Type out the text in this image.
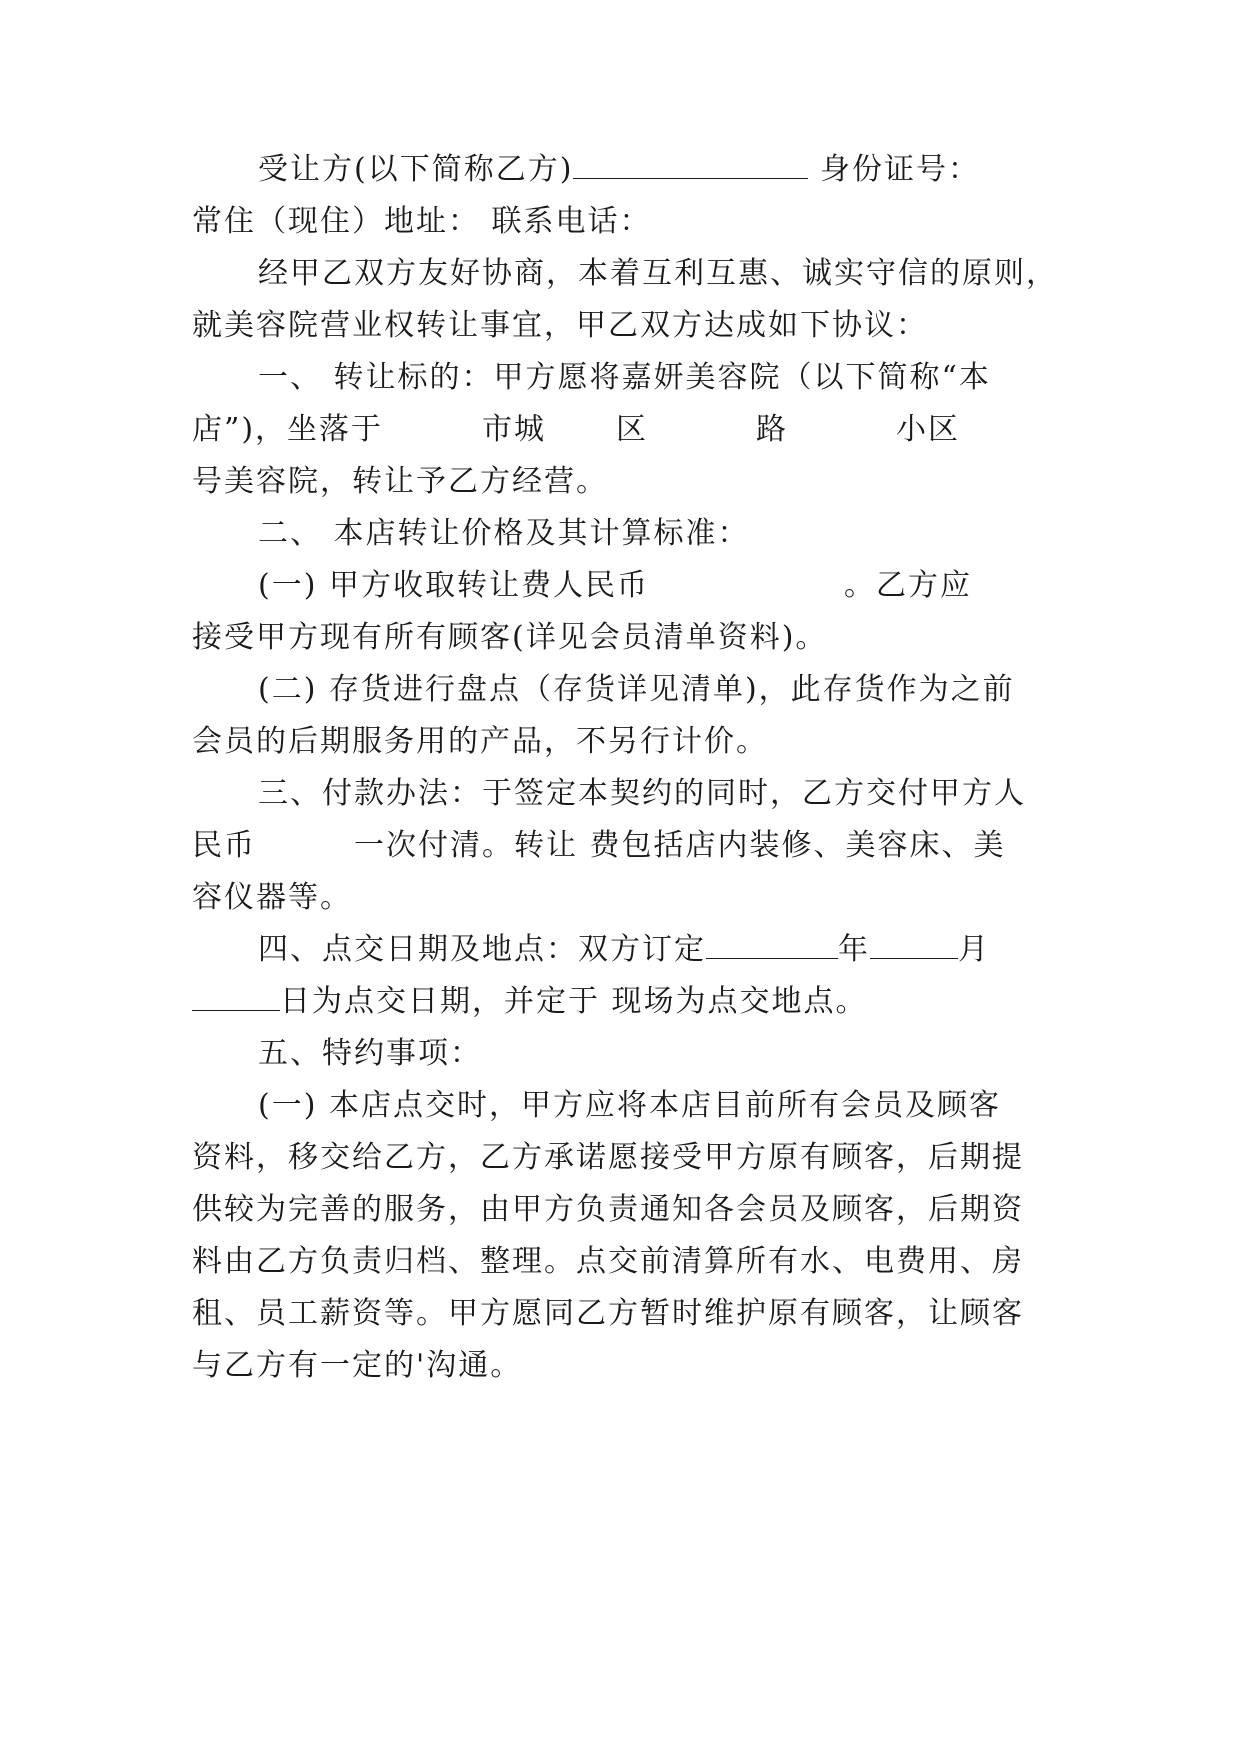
受让方(以下简称乙方)	身份证号：
常住（现住）地址： 联系电话：
经甲乙双方友好协商，本着互利互惠、诚实守信的原则，
就美容院营业权转让事宜，甲乙双方达成如下协议：
一、 转让标的：甲方愿将嘉妍美容院（以下简称“本
店”)，坐落于	市城 区	路	小区
号美容院，转让予乙方经营。
二、 本店转让价格及其计算标准：
(一) 甲方收取转让费人民币	。乙方应
接受甲方现有所有顾客(详见会员清单资料)。
(二) 存货进行盘点（存货详见清单)，此存货作为之前
会员的后期服务用的产品，不另行计价。
三、付款办法：于签定本契约的同时，乙方交付甲方人
民币	一次付清。转让 费包括店内装修、美容床、美
容仪器等。
四、点交日期及地点：双方订定	年	月
日为点交日期，并定于 现场为点交地点。
五、特约事项：
(一) 本店点交时，甲方应将本店目前所有会员及顾客
资料，移交给乙方，乙方承诺愿接受甲方原有顾客，后期提
供较为完善的服务，由甲方负责通知各会员及顾客，后期资
料由乙方负责归档、整理。点交前清算所有水、电费用、房
租、员工薪资等。甲方愿同乙方暂时维护原有顾客，让顾客
与乙方有一定的'沟通。
